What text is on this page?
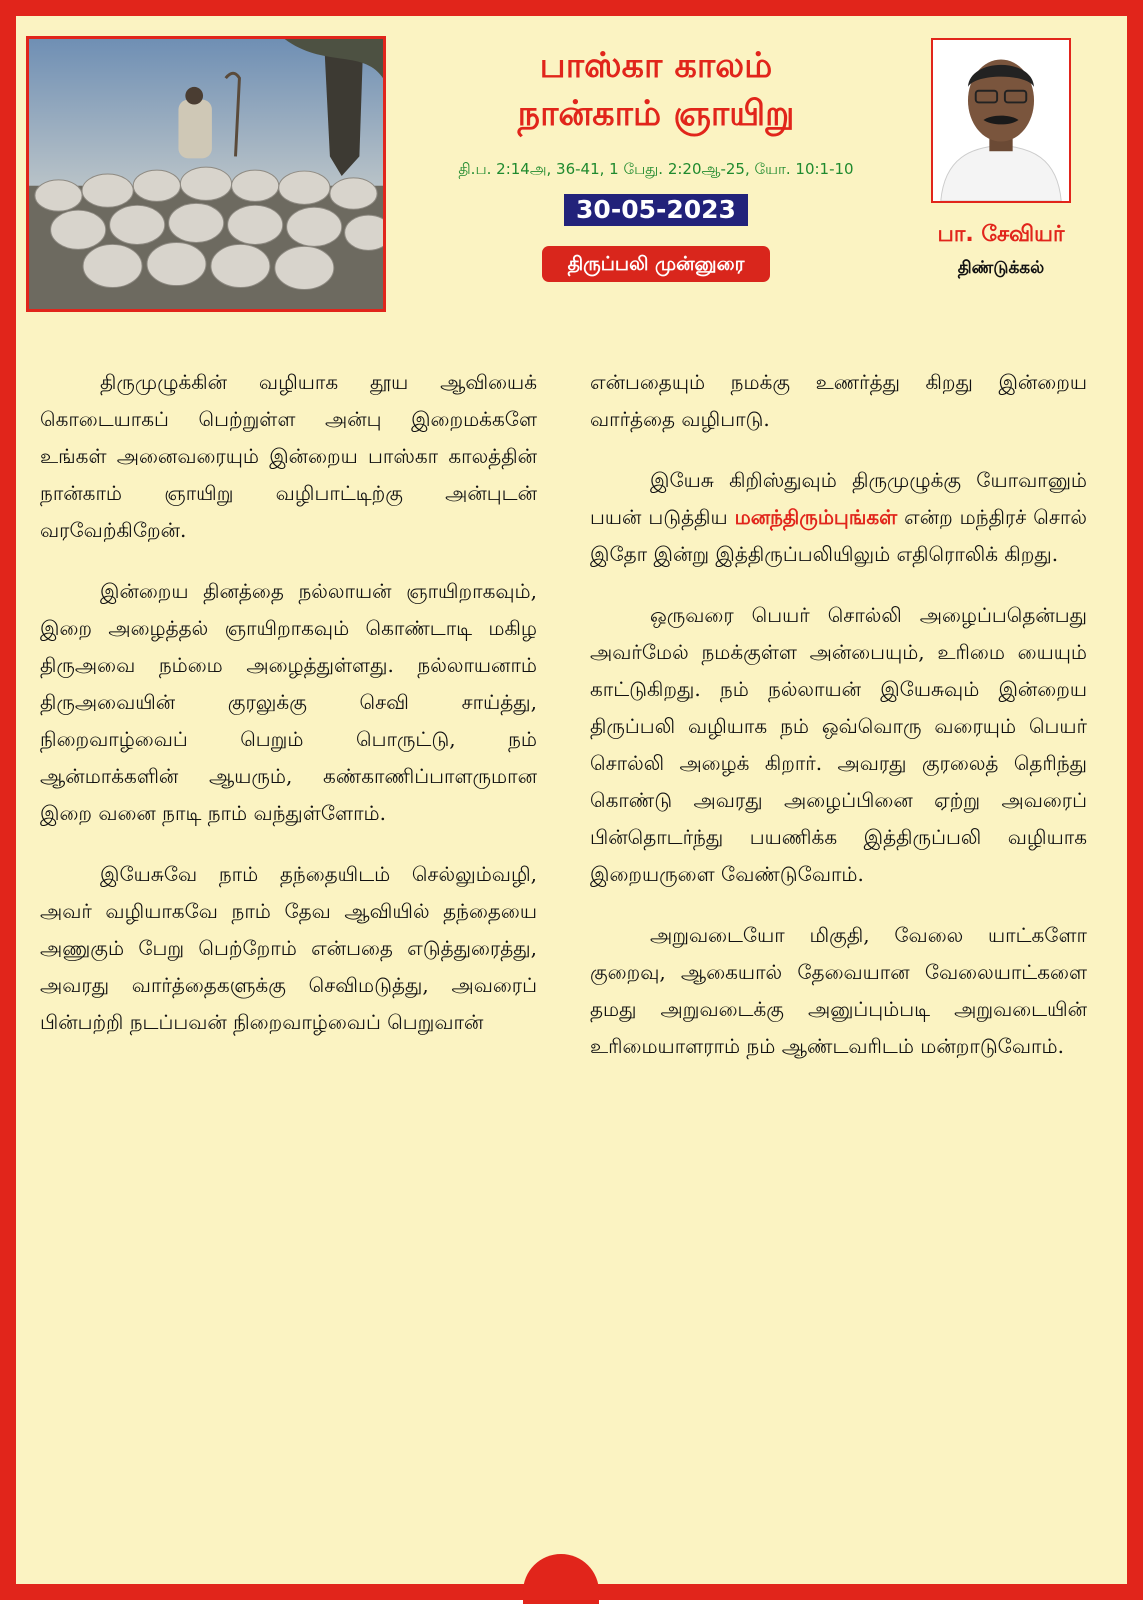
பாஸ்கா காலம்
நான்காம் ஞாயிறு
தி.ப. 2:14அ, 36-41, 1 பேது. 2:20ஆ-25, யோ. 10:1-10
30-05-2023
திருப்பலி முன்னுரை
பா. சேவியர்
திண்டுக்கல்

திருமுழுக்கின் வழியாக தூய ஆவியைக் கொடையாகப் பெற்றுள்ள அன்பு இறைமக்களே உங்கள் அனைவரையும் இன்றைய பாஸ்கா காலத்தின் நான்காம் ஞாயிறு வழிபாட்டிற்கு அன்புடன் வரவேற்கிறேன்.

இன்றைய தினத்தை நல்லாயன் ஞாயிறாகவும், இறை அழைத்தல் ஞாயிறாகவும் கொண்டாடி மகிழ திருஅவை நம்மை அழைத்துள்ளது. நல்லாயனாம் திருஅவையின் குரலுக்கு செவி சாய்த்து, நிறைவாழ்வைப் பெறும் பொருட்டு, நம் ஆன்மாக்களின் ஆயரும், கண்காணிப்பாளருமான இறை வனை நாடி நாம் வந்துள்ளோம்.

இயேசுவே நாம் தந்தையிடம் செல்லும்வழி, அவர் வழியாகவே நாம் தேவ ஆவியில் தந்தையை அணுகும் பேறு பெற்றோம் என்பதை எடுத்துரைத்து, அவரது வார்த்தைகளுக்கு செவிமடுத்து, அவரைப் பின்பற்றி நடப்பவன் நிறைவாழ்வைப் பெறுவான்

என்பதையும் நமக்கு உணர்த்து கிறது இன்றைய வார்த்தை வழிபாடு.

இயேசு கிறிஸ்துவும் திருமுழுக்கு யோவானும் பயன் படுத்திய மனந்திரும்புங்கள் என்ற மந்திரச் சொல் இதோ இன்று இத்திருப்பலியிலும் எதிரொலிக் கிறது.

ஒருவரை பெயர் சொல்லி அழைப்பதென்பது அவர்மேல் நமக்குள்ள அன்பையும், உரிமை யையும் காட்டுகிறது. நம் நல்லாயன் இயேசுவும் இன்றைய திருப்பலி வழியாக நம் ஒவ்வொரு வரையும் பெயர் சொல்லி அழைக் கிறார். அவரது குரலைத் தெரிந்து கொண்டு அவரது அழைப்பினை ஏற்று அவரைப் பின்தொடர்ந்து பயணிக்க இத்திருப்பலி வழியாக இறையருளை வேண்டுவோம்.

அறுவடையோ மிகுதி, வேலை யாட்களோ குறைவு, ஆகையால் தேவையான வேலையாட்களை தமது அறுவடைக்கு அனுப்பும்படி அறுவடையின் உரிமையாளராம் நம் ஆண்டவரிடம் மன்றாடுவோம்.
